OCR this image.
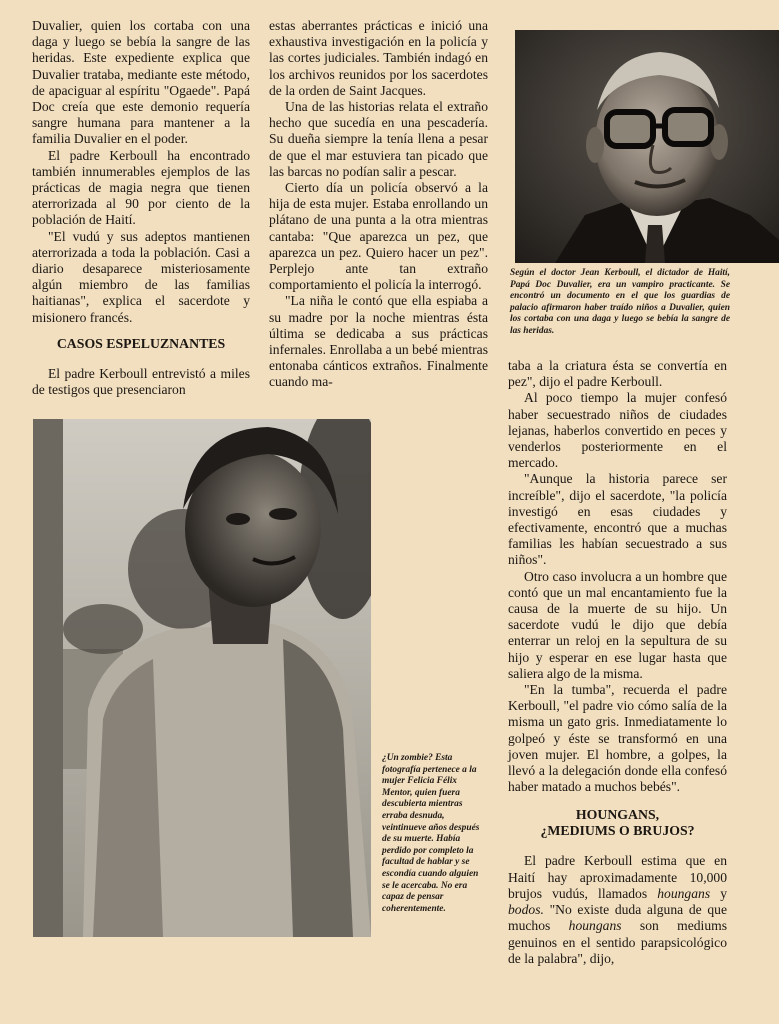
Duvalier, quien los cortaba con una daga y luego se bebía la sangre de las heridas. Este expediente explica que Duvalier trataba, mediante este método, de apaciguar al espíritu "Ogaede". Papá Doc creía que este demonio requería sangre humana para mantener a la familia Duvalier en el poder.

El padre Kerboull ha encontrado también innumerables ejemplos de las prácticas de magia negra que tienen aterrorizada al 90 por ciento de la población de Haití.

"El vudú y sus adeptos mantienen aterrorizada a toda la población. Casi a diario desaparece misteriosamente algún miembro de las familias haitianas", explica el sacerdote y misionero francés.

CASOS ESPELUZNANTES

El padre Kerboull entrevistó a miles de testigos que presenciaron

estas aberrantes prácticas e inició una exhaustiva investigación en la policía y las cortes judiciales. También indagó en los archivos reunidos por los sacerdotes de la orden de Saint Jacques.

Una de las historias relata el extraño hecho que sucedía en una pescadería. Su dueña siempre la tenía llena a pesar de que el mar estuviera tan picado que las barcas no podían salir a pescar.

Cierto día un policía observó a la hija de esta mujer. Estaba enrollando un plátano de una punta a la otra mientras cantaba: "Que aparezca un pez, que aparezca un pez. Quiero hacer un pez". Perplejo ante tan extraño comportamiento el policía la interrogó.

"La niña le contó que ella espiaba a su madre por la noche mientras ésta última se dedicaba a sus prácticas infernales. Enrollaba a un bebé mientras entonaba cánticos extraños. Finalmente cuando ma-

Según el doctor Jean Kerboull, el dictador de Haití, Papá Doc Duvalier, era un vampiro practicante. Se encontró un documento en el que los guardias de palacio afirmaron haber traído niños a Duvalier, quien los cortaba con una daga y luego se bebía la sangre de las heridas.
¿Un zombie? Esta fotografía pertenece a la mujer Felicia Félix Mentor, quien fuera descubierta mientras erraba desnuda, veintinueve años después de su muerte. Había perdido por completo la facultad de hablar y se escondía cuando alguien se le acercaba. No era capaz de pensar coherentemente.

taba a la criatura ésta se convertía en pez", dijo el padre Kerboull.

Al poco tiempo la mujer confesó haber secuestrado niños de ciudades lejanas, haberlos convertido en peces y venderlos posteriormente en el mercado.

"Aunque la historia parece ser increíble", dijo el sacerdote, "la policía investigó en esas ciudades y efectivamente, encontró que a muchas familias les habían secuestrado a sus niños".

Otro caso involucra a un hombre que contó que un mal encantamiento fue la causa de la muerte de su hijo. Un sacerdote vudú le dijo que debía enterrar un reloj en la sepultura de su hijo y esperar en ese lugar hasta que saliera algo de la misma.

"En la tumba", recuerda el padre Kerboull, "el padre vio cómo salía de la misma un gato gris. Inmediatamente lo golpeó y éste se transformó en una joven mujer. El hombre, a golpes, la llevó a la delegación donde ella confesó haber matado a muchos bebés".

HOUNGANS,

¿MEDIUMS O BRUJOS?

El padre Kerboull estima que en Haití hay aproximadamente 10,000 brujos vudús, llamados houngans y bodos. "No existe duda alguna de que muchos houngans son mediums genuinos en el sentido parapsicológico de la palabra", dijo,
